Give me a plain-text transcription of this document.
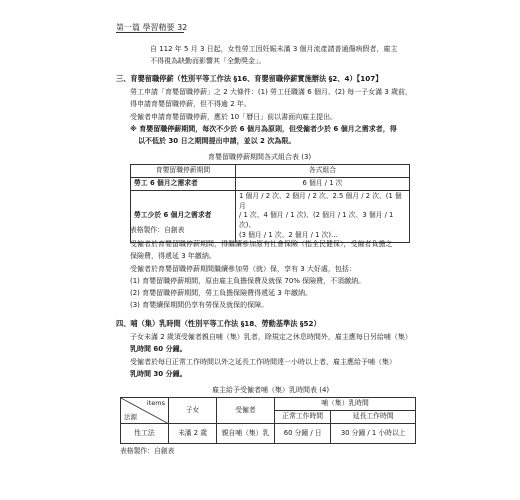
第一篇 學習精要 32
自 112 年 5 月 3 日起，女性勞工因妊娠未滿 3 個月流產請普通傷病假者，雇主
不得視為缺勤而影響其「全勤獎金」。
三、育嬰留職停薪（性別平等工作法 §16、育嬰留職停薪實施辦法 §2、4）【107】
勞工申請「育嬰留職停薪」之 2 大條件：(1) 勞工任職滿 6 個月、(2) 每一子女滿 3 歲前，
得申請育嬰留職停薪，但不得逾 2 年。
受僱者申請育嬰留職停薪，應於 10「曆日」前以書面向雇主提出。
※ 育嬰留職停薪期間，每次不少於 6 個月為原則，但受僱者少於 6 個月之需求者，得
以不低於 30 日之期間提出申請，並以 2 次為限。
育嬰留職停薪期間各式組合表 (3)
育嬰留職停薪期間	各式組合
勞工 6 個月之需求者	6 個月 / 1 次
勞工少於 6 個月之需求者	1 個月 / 2 次、2 個月 / 2 次、2.5 個月 / 2 次、(1 個月
/ 1 次、4 個月 / 1 次)、(2 個月 / 1 次、3 個月 / 1 次)、
(3 個月 / 1 次、2 個月 / 1 次)…
表格製作：自創表
受僱者於育嬰留職停薪期間，得繼續參加原有社會保險（指全民健保），受僱者負擔之
保險費，得遞延 3 年繳納。
受僱者於育嬰留職停薪期間繼續參加勞（就）保，享有 3 大好處，包括：
(1) 育嬰留職停薪期間，原由雇主負擔保費及就保 70% 保險費，不須繳納。
(2) 育嬰留職停薪期間，勞工負擔保險費得遞延 3 年繳納。
(3) 育嬰續保期間仍享有勞保及就保的保障。
四、哺（集）乳時間（性別平等工作法 §18、勞動基準法 §52）
子女未滿 2 歲須受僱者親自哺（集）乳者，除規定之休息時間外，雇主應每日另給哺（集）
乳時間 60 分鐘。
受僱者於每日正常工作時間以外之延長工作時間達一小時以上者，雇主應給予哺（集）
乳時間 30 分鐘。
雇主給予受僱者哺（集）乳時間表 (4)
items
法源	子女	受僱者	哺（集）乳時間	
			正常工作時間	延長工作時間
性工法	未滿 2 歲	親自哺（集）乳	60 分鐘 / 日	30 分鐘 / 1 小時以上
表格製作：自創表
